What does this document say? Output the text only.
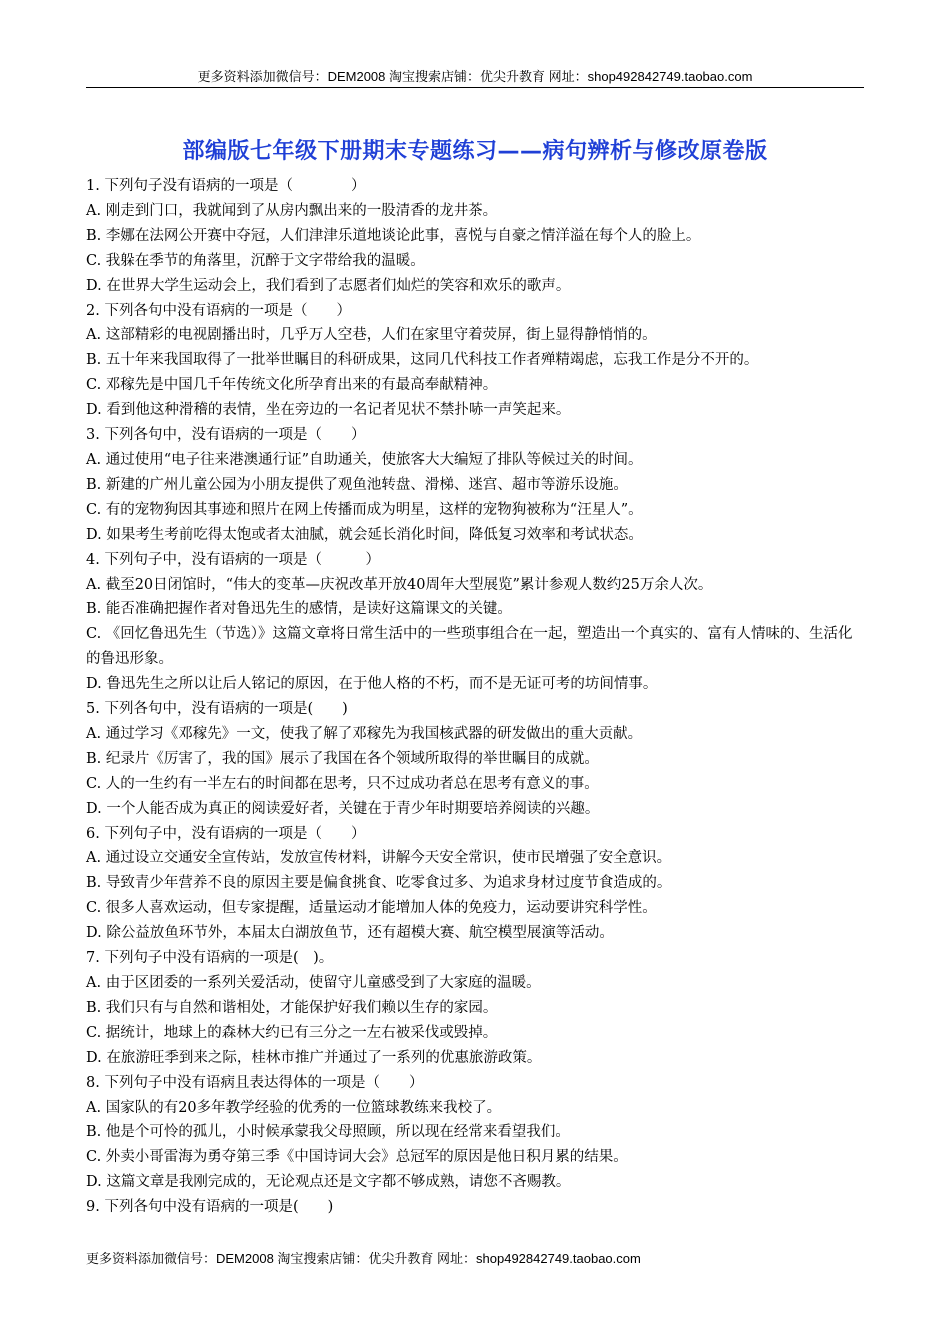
更多资料添加微信号：DEM2008 淘宝搜索店铺：优尖升教育 网址：shop492842749.taobao.com
部编版七年级下册期末专题练习——病句辨析与修改原卷版
1. 下列句子没有语病的一项是（　　　　）
A. 刚走到门口，我就闻到了从房内飘出来的一股清香的龙井茶。
B. 李娜在法网公开赛中夺冠，人们津津乐道地谈论此事，喜悦与自豪之情洋溢在每个人的脸上。
C. 我躲在季节的角落里，沉醉于文字带给我的温暖。
D. 在世界大学生运动会上，我们看到了志愿者们灿烂的笑容和欢乐的歌声。
2. 下列各句中没有语病的一项是（　　）
A. 这部精彩的电视剧播出时，几乎万人空巷，人们在家里守着荧屏，街上显得静悄悄的。
B. 五十年来我国取得了一批举世瞩目的科研成果，这同几代科技工作者殚精竭虑，忘我工作是分不开的。
C. 邓稼先是中国几千年传统文化所孕育出来的有最高奉献精神。
D. 看到他这种滑稽的表情，坐在旁边的一名记者见状不禁扑哧一声笑起来。
3. 下列各句中，没有语病的一项是（　　）
A. 通过使用“电子往来港澳通行证”自助通关，使旅客大大编短了排队等候过关的时间。
B. 新建的广州儿童公园为小朋友提供了观鱼池转盘、滑梯、迷宫、超市等游乐设施。
C. 有的宠物狗因其事迹和照片在网上传播而成为明星，这样的宠物狗被称为“汪星人”。
D. 如果考生考前吃得太饱或者太油腻，就会延长消化时间，降低复习效率和考试状态。
4. 下列句子中，没有语病的一项是（　　　）
A. 截至20日闭馆时，“伟大的变革—庆祝改革开放40周年大型展览”累计参观人数约25万余人次。
B. 能否准确把握作者对鲁迅先生的感情，是读好这篇课文的关键。
C. 《回忆鲁迅先生（节选）》这篇文章将日常生活中的一些琐事组合在一起，塑造出一个真实的、富有人情味的、生活化的鲁迅形象。
D. 鲁迅先生之所以让后人铭记的原因，在于他人格的不朽，而不是无证可考的坊间情事。
5. 下列各句中，没有语病的一项是(　　)
A. 通过学习《邓稼先》一文，使我了解了邓稼先为我国核武器的研发做出的重大贡献。
B. 纪录片《厉害了，我的国》展示了我国在各个领域所取得的举世瞩目的成就。
C. 人的一生约有一半左右的时间都在思考，只不过成功者总在思考有意义的事。
D. 一个人能否成为真正的阅读爱好者，关键在于青少年时期要培养阅读的兴趣。
6. 下列句子中，没有语病的一项是（　　）
A. 通过设立交通安全宣传站，发放宣传材料，讲解今天安全常识，使市民增强了安全意识。
B. 导致青少年营养不良的原因主要是偏食挑食、吃零食过多、为追求身材过度节食造成的。
C. 很多人喜欢运动，但专家提醒，适量运动才能增加人体的免疫力，运动要讲究科学性。
D. 除公益放鱼环节外，本届太白湖放鱼节，还有超模大赛、航空模型展演等活动。
7. 下列句子中没有语病的一项是(　)。
A. 由于区团委的一系列关爱活动，使留守儿童感受到了大家庭的温暖。
B. 我们只有与自然和谐相处，才能保护好我们赖以生存的家园。
C. 据统计，地球上的森林大约已有三分之一左右被采伐或毁掉。
D. 在旅游旺季到来之际，桂林市推广并通过了一系列的优惠旅游政策。
8. 下列句子中没有语病且表达得体的一项是（　　）
A. 国家队的有20多年教学经验的优秀的一位篮球教练来我校了。
B. 他是个可怜的孤儿，小时候承蒙我父母照顾，所以现在经常来看望我们。
C. 外卖小哥雷海为勇夺第三季《中国诗词大会》总冠军的原因是他日积月累的结果。
D. 这篇文章是我刚完成的，无论观点还是文字都不够成熟，请您不吝赐教。
9. 下列各句中没有语病的一项是(　　)
更多资料添加微信号：DEM2008 淘宝搜索店铺：优尖升教育 网址：shop492842749.taobao.com
